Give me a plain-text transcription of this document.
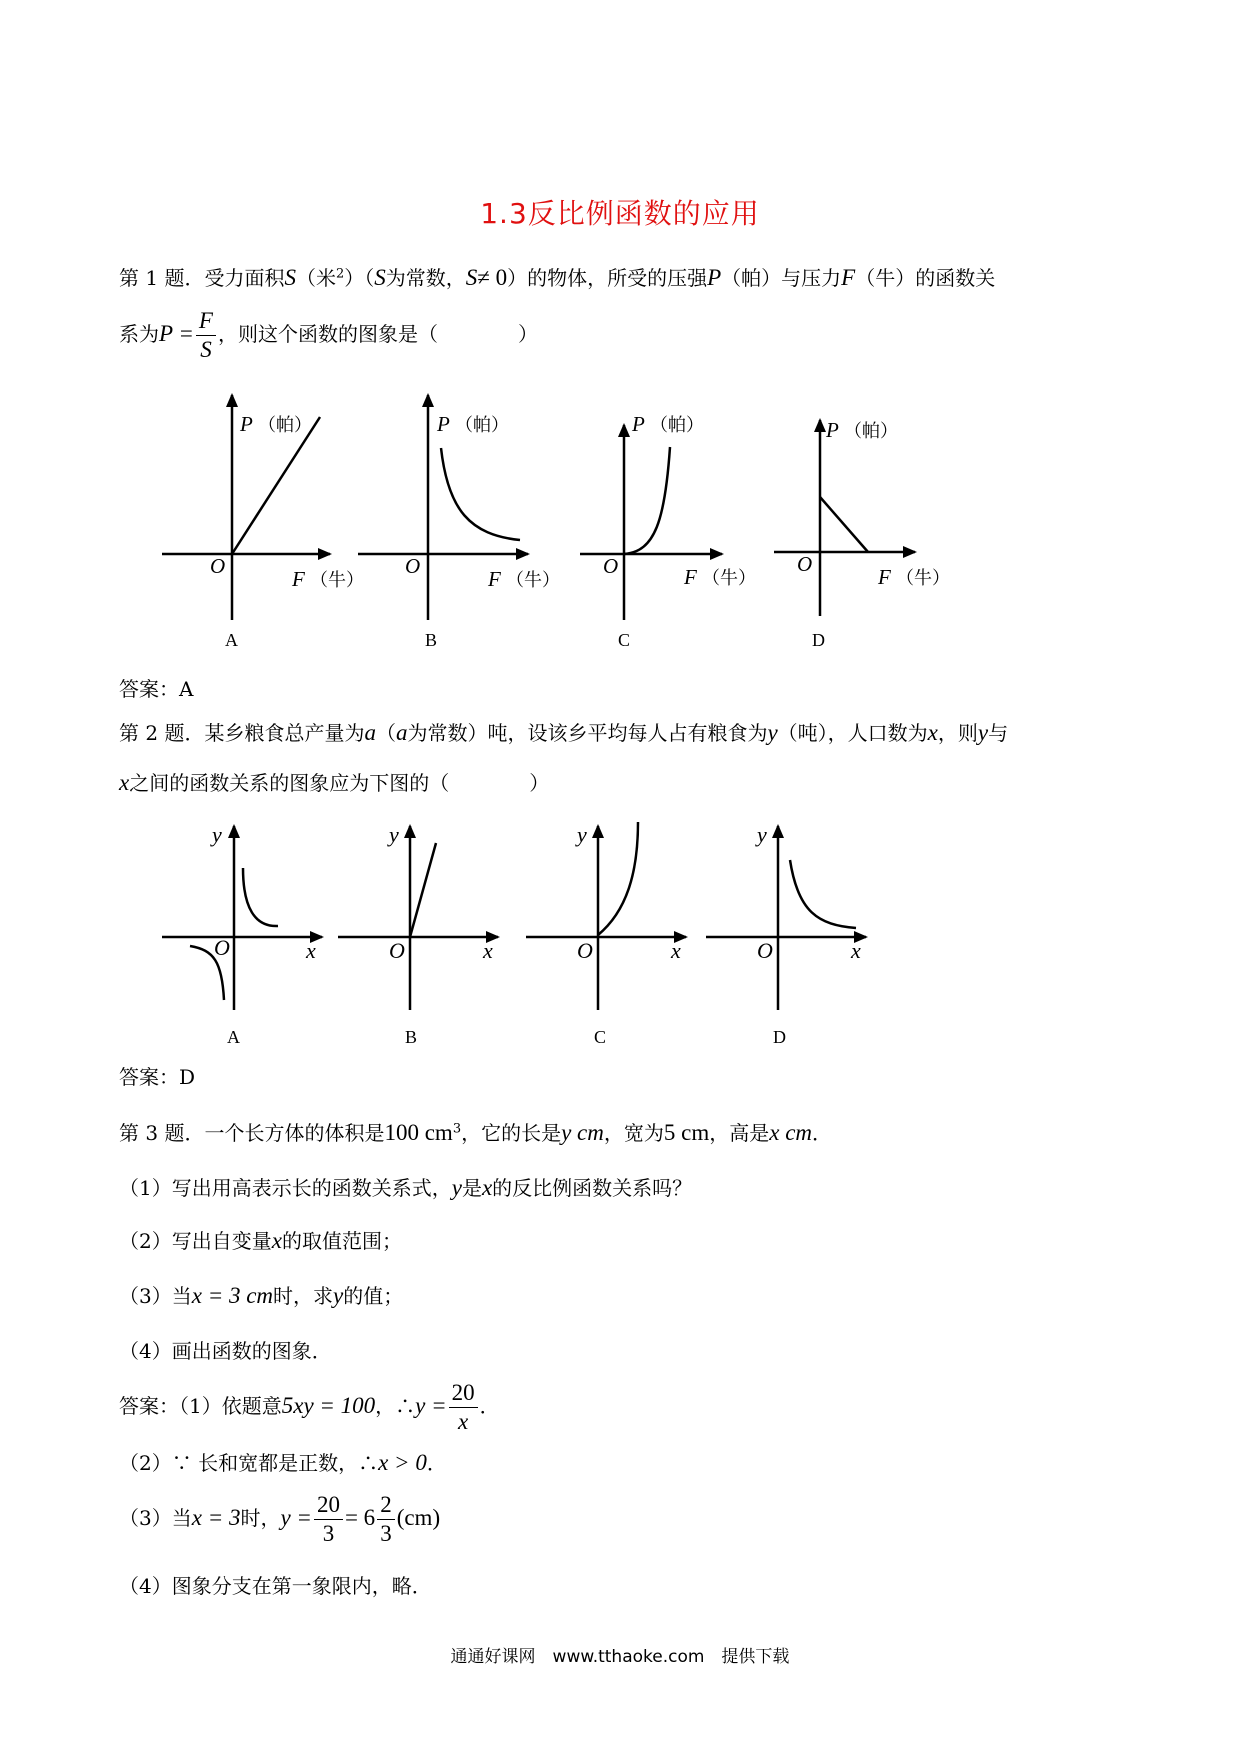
1.3反比例函数的应用
第 1 题．受力面积S（米$^2$）（S为常数，S≠ 0）的物体，所受的压强P（帕）与压力F（牛）的函数关
系为$P = \frac{F}{S}$ ，则这个函数的图象是（　　　　）
P （帕）
O
F （牛）
A
P （帕）
O
F （牛）
B
P （帕）
O	F （牛）
C
P （帕）
O
F （牛）
D
y
O	x
y
O	x
y
O	x
y
O	x
A	B	C	D
答案：A
第 2 题．某乡粮食总产量为a（a为常数）吨，设该乡平均每人占有粮食为y（吨），人口数为x，则y与
x之间的函数关系的图象应为下图的（　　　　）
答案：D
第 3 题．一个长方体的体积是100 $cm^3$，它的长是y cm，宽为5 cm，高是x cm．
（1）写出用高表示长的函数关系式，y是x的反比例函数关系吗？
（2）写出自变量x的取值范围；
（3）当x = 3 cm时，求y的值；
（4）画出函数的图象．
答案：（1）依题意5xy = 100，∴y = $\frac{20}{x}$ ．
（2）∵ 长和宽都是正数，∴x > 0．
（3）当x = 3时，$y = \frac{20}{3} = 6 \frac{2}{3} (cm)$
（4）图象分支在第一象限内，略．
通通好课网　www.tthaoke.com　提供下载
